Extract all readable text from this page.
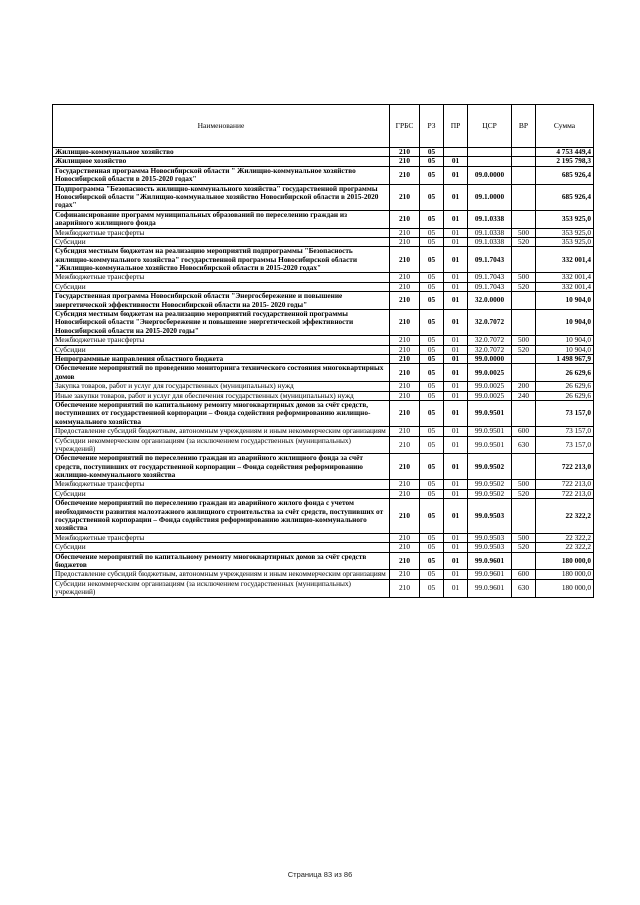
Наименование	ГРБС	РЗ	ПР	ЦСР	ВР	Сумма
Жилищно-коммунальное хозяйство	210	05				4 753 449,4
Жилищное хозяйство	210	05	01			2 195 798,3
Государственная программа Новосибирской области " Жилищно-коммунальное хозяйство Новосибирской области в 2015-2020 годах"	210	05	01	09.0.0000		685 926,4
Подпрограмма "Безопасность жилищно-коммунального хозяйства" государственной программы Новосибирской области "Жилищно-коммунальное хозяйство Новосибирской области в 2015-2020 годах"	210	05	01	09.1.0000		685 926,4
Софинансирование программ муниципальных образований по переселению граждан из аварийного жилищного фонда	210	05	01	09.1.0338		353 925,0
Межбюджетные трансферты	210	05	01	09.1.0338	500	353 925,0
Субсидии	210	05	01	09.1.0338	520	353 925,0
Субсидия местным бюджетам на реализацию мероприятий подпрограммы "Безопасность жилищно-коммунального хозяйства" государственной программы Новосибирской области "Жилищно-коммунальное хозяйство Новосибирской области в 2015-2020 годах"	210	05	01	09.1.7043		332 001,4
Межбюджетные трансферты	210	05	01	09.1.7043	500	332 001,4
Субсидии	210	05	01	09.1.7043	520	332 001,4
Государственная программа Новосибирской области "Энергосбережение и повышение энергетической эффективности Новосибирской области на 2015- 2020 годы"	210	05	01	32.0.0000		10 904,0
Субсидия местным бюджетам на реализацию мероприятий государственной программы Новосибирской области "Энергосбережение и повышение энергетической эффективности Новосибирской области на 2015-2020 годы"	210	05	01	32.0.7072		10 904,0
Межбюджетные трансферты	210	05	01	32.0.7072	500	10 904,0
Субсидии	210	05	01	32.0.7072	520	10 904,0
Непрограммные направления областного бюджета	210	05	01	99.0.0000		1 498 967,9
Обеспечение мероприятий по проведению мониторинга технического состояния многоквартирных домов	210	05	01	99.0.0025		26 629,6
Закупка товаров, работ и услуг для государственных (муниципальных) нужд	210	05	01	99.0.0025	200	26 629,6
Иные закупки товаров, работ и услуг для обеспечения государственных (муниципальных) нужд	210	05	01	99.0.0025	240	26 629,6
Обеспечение мероприятий по капитальному ремонту многоквартирных домов за счёт средств, поступивших от государственной корпорации – Фонда содействия реформированию жилищно-коммунального хозяйства	210	05	01	99.0.9501		73 157,0
Предоставление субсидий бюджетным, автономным учреждениям и иным некоммерческим организациям	210	05	01	99.0.9501	600	73 157,0
Субсидии некоммерческим организациям (за исключением государственных (муниципальных) учреждений)	210	05	01	99.0.9501	630	73 157,0
Обеспечение мероприятий по переселению граждан из аварийного жилищного фонда за счёт средств, поступивших от государственной корпорации – Фонда содействия реформированию жилищно-коммунального хозяйства	210	05	01	99.0.9502		722 213,0
Межбюджетные трансферты	210	05	01	99.0.9502	500	722 213,0
Субсидии	210	05	01	99.0.9502	520	722 213,0
Обеспечение мероприятий по переселению граждан из аварийного жилого фонда с учетом необходимости развития малоэтажного жилищного строительства за счёт средств, поступивших от государственной корпорации – Фонда содействия реформированию жилищно-коммунального хозяйства	210	05	01	99.0.9503		22 322,2
Межбюджетные трансферты	210	05	01	99.0.9503	500	22 322,2
Субсидии	210	05	01	99.0.9503	520	22 322,2
Обеспечение мероприятий по капитальному ремонту многоквартирных домов за счёт средств бюджетов	210	05	01	99.0.9601		180 000,0
Предоставление субсидий бюджетным, автономным учреждениям и иным некоммерческим организациям	210	05	01	99.0.9601	600	180 000,0
Субсидии некоммерческим организациям (за исключением государственных (муниципальных) учреждений)	210	05	01	99.0.9601	630	180 000,0
Страница 83 из 86
